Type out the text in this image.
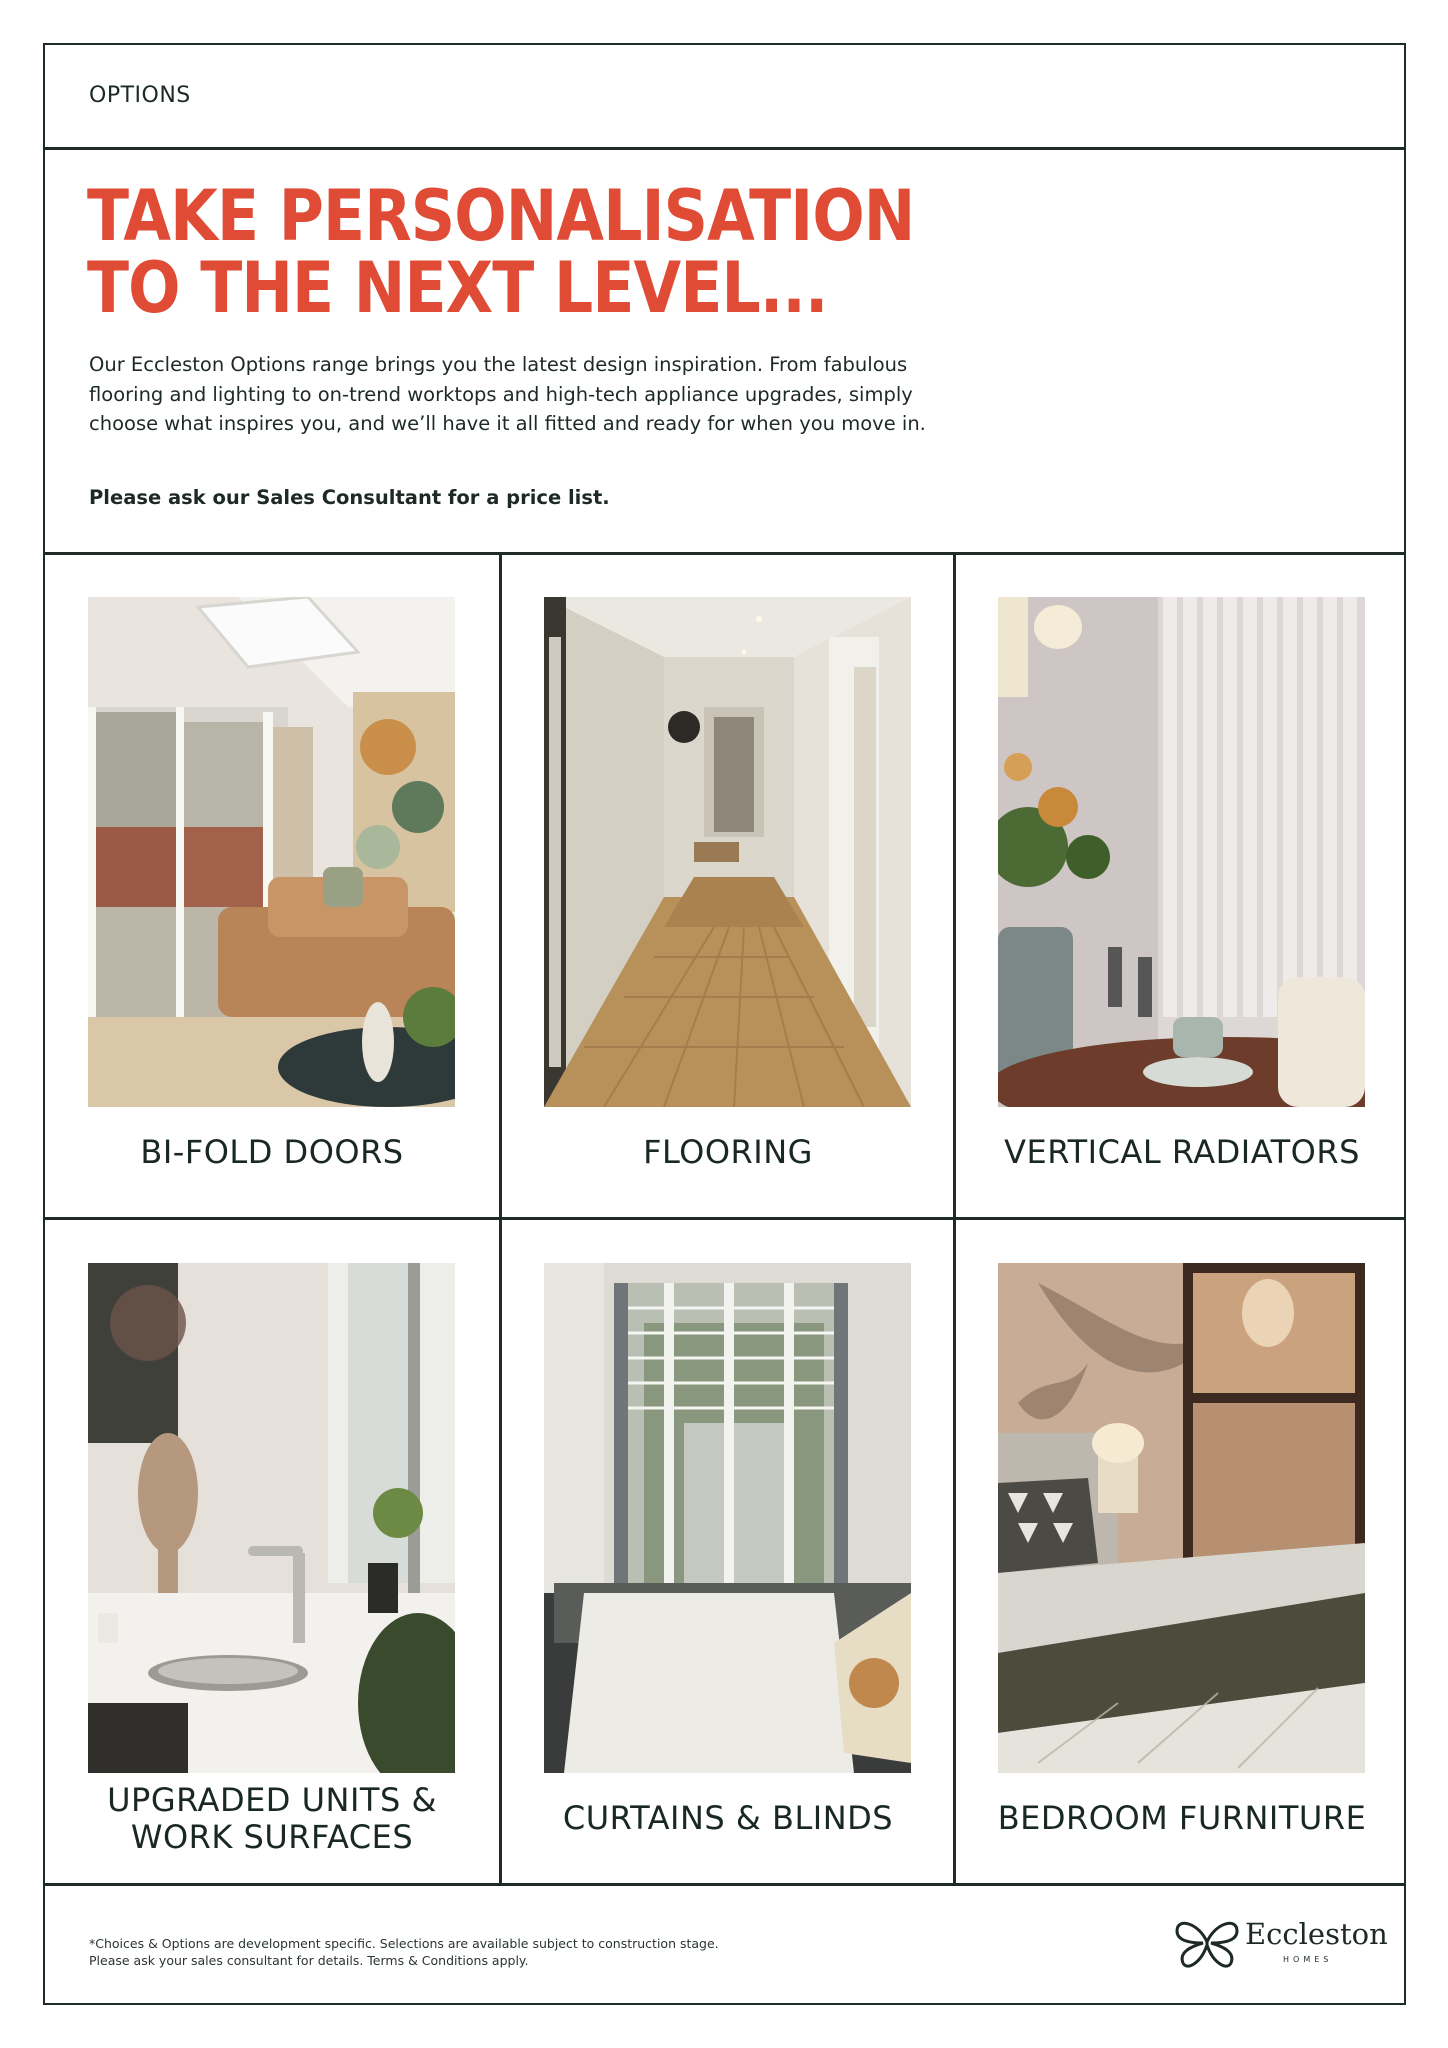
OPTIONS
TAKE PERSONALISATION
TO THE NEXT LEVEL...

Our Eccleston Options range brings you the latest design inspiration. From fabulous flooring and lighting to on-trend worktops and high-tech appliance upgrades, simply choose what inspires you, and we’ll have it all fitted and ready for when you move in.

Please ask our Sales Consultant for a price list.

BI-FOLD DOORS	FLOORING	VERTICAL RADIATORS
UPGRADED UNITS &
WORK SURFACES	CURTAINS & BLINDS	BEDROOM FURNITURE

*Choices & Options are development specific. Selections are available subject to construction stage.
Please ask your sales consultant for details. Terms & Conditions apply.

Eccleston
HOMES
